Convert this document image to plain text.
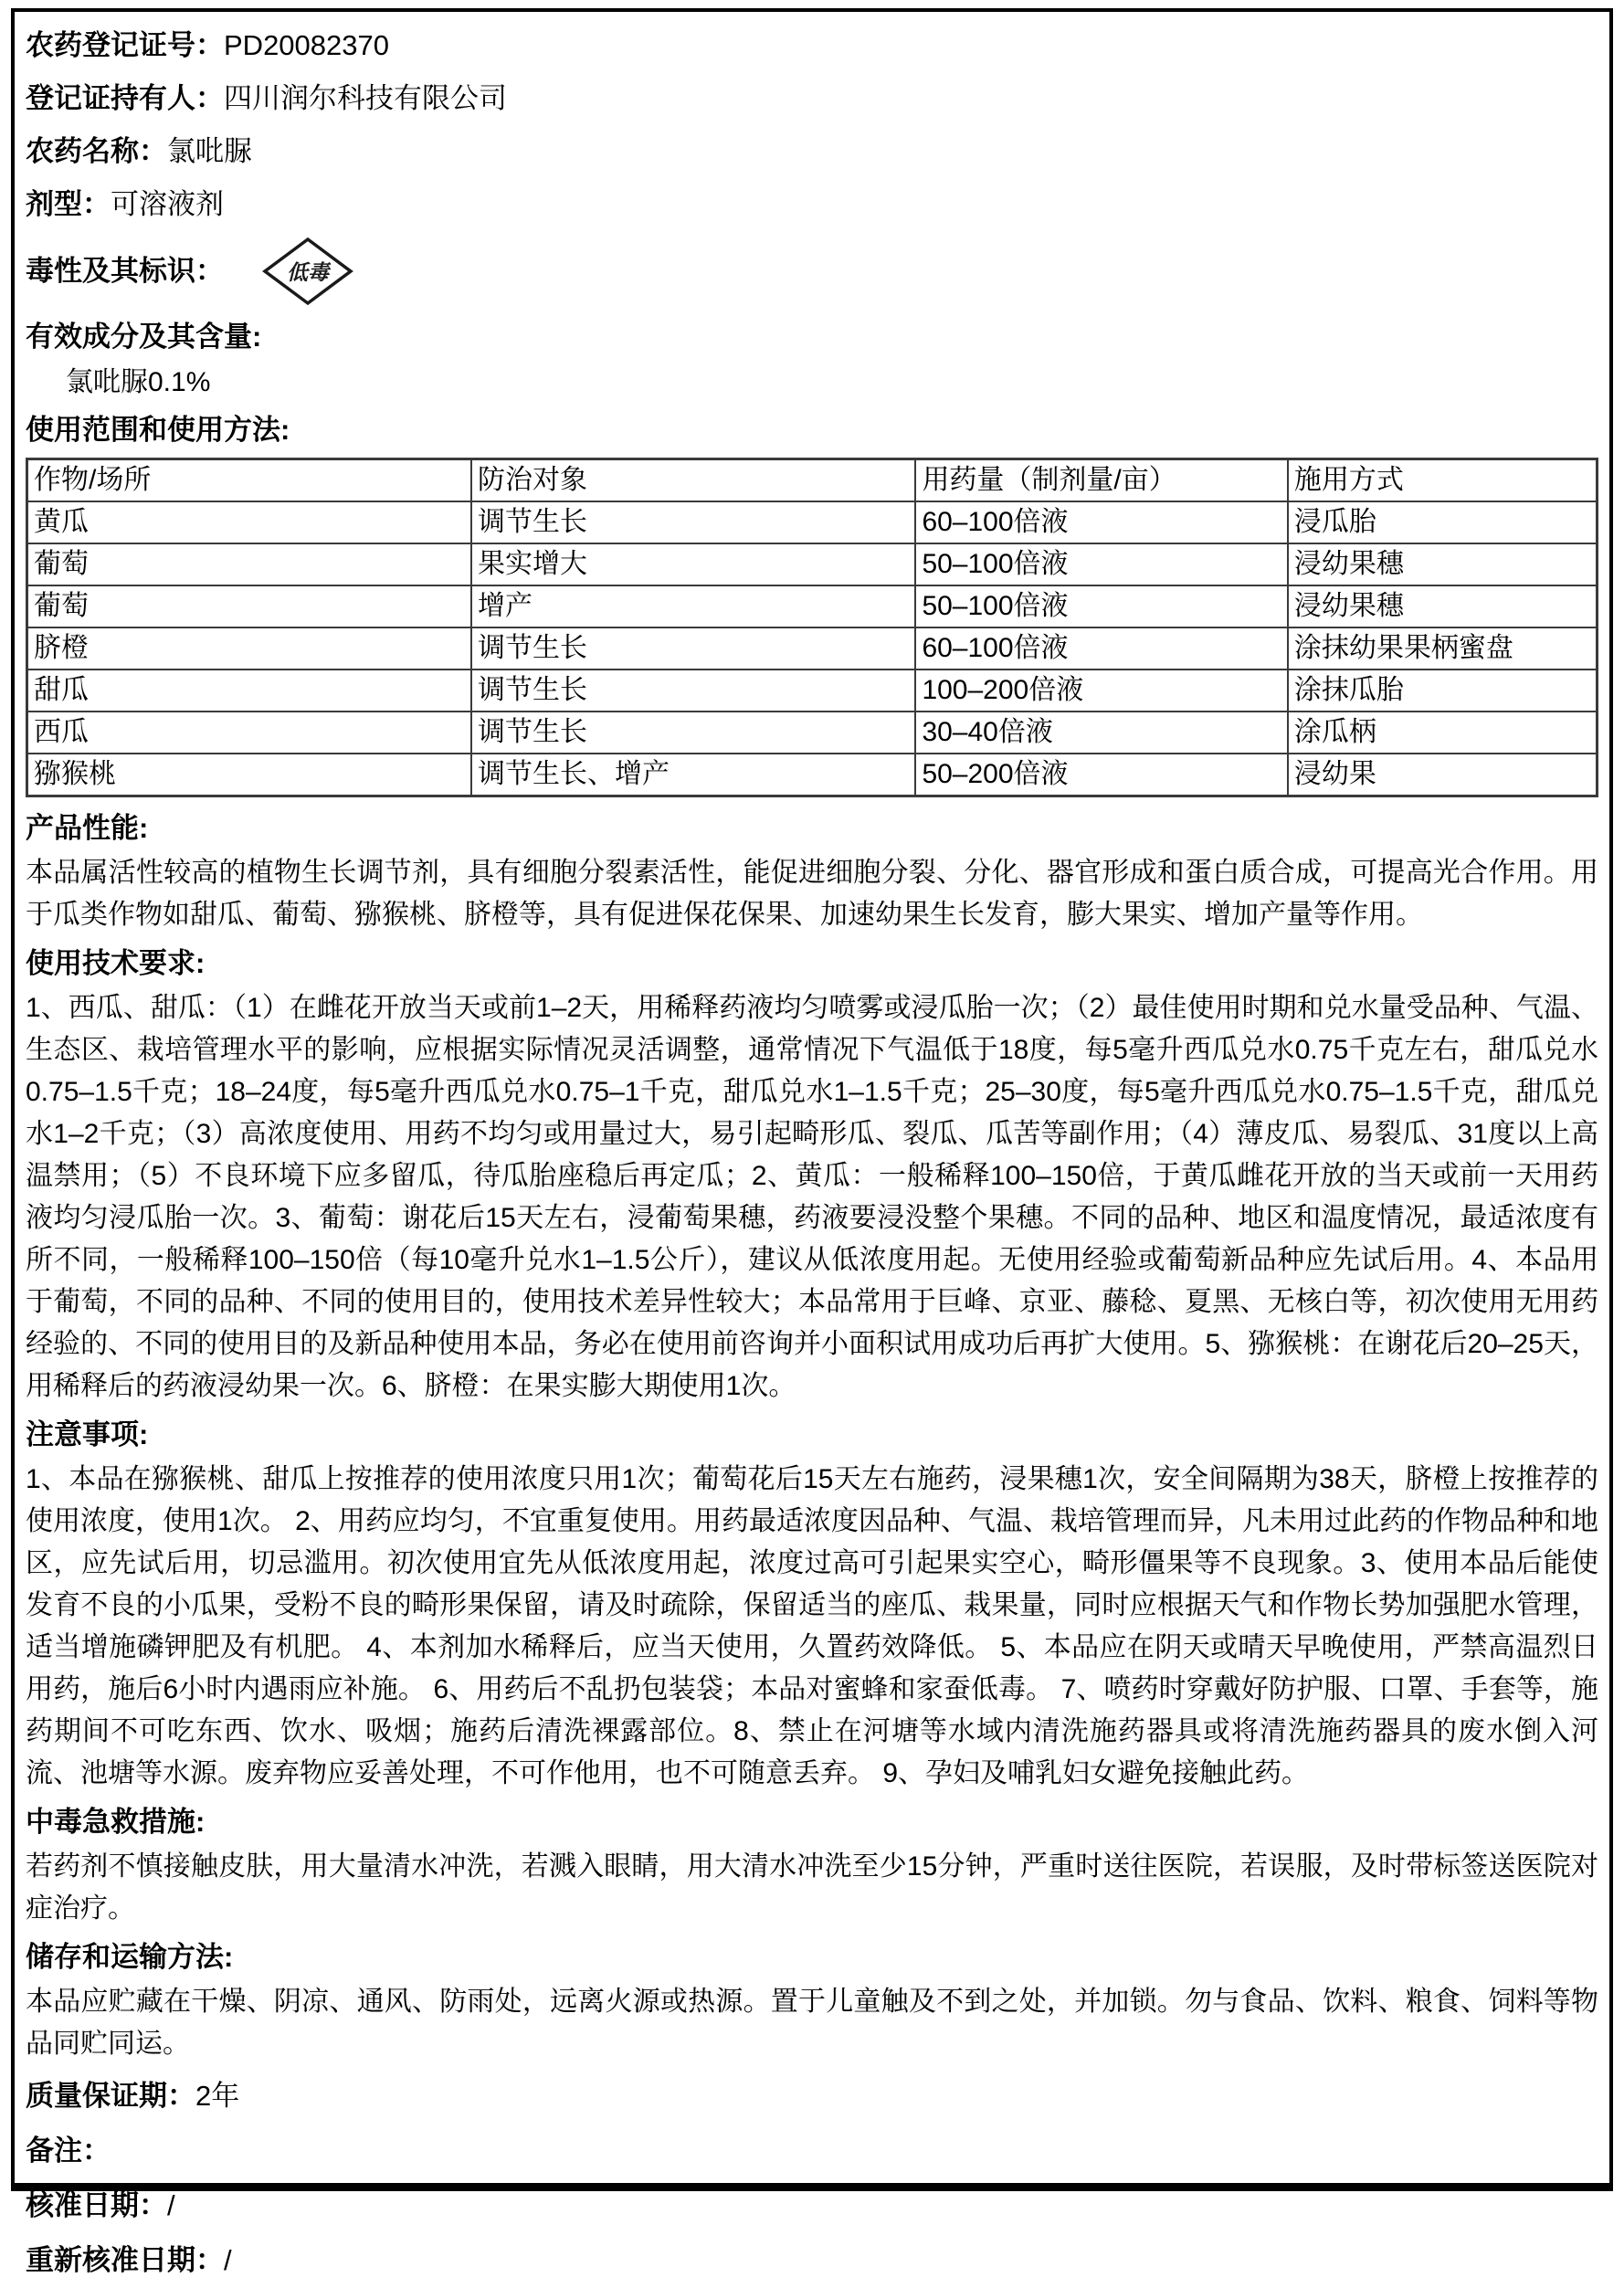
农药登记证号：PD20082370
登记证持有人：四川润尔科技有限公司
农药名称：氯吡脲
剂型：可溶液剂
毒性及其标识：	低毒
有效成分及其含量:
氯吡脲0.1%
使用范围和使用方法:
作物/场所	防治对象	用药量（制剂量/亩）	施用方式
黄瓜	调节生长	60–100倍液	浸瓜胎
葡萄	果实增大	50–100倍液	浸幼果穗
葡萄	增产	50–100倍液	浸幼果穗
脐橙	调节生长	60–100倍液	涂抹幼果果柄蜜盘
甜瓜	调节生长	100–200倍液	涂抹瓜胎
西瓜	调节生长	30–40倍液	涂瓜柄
猕猴桃	调节生长、增产	50–200倍液	浸幼果
产品性能:
本品属活性较高的植物生长调节剂，具有细胞分裂素活性，能促进细胞分裂、分化、器官形成和蛋白质合成，可提高光合作用。用于瓜类作物如甜瓜、葡萄、猕猴桃、脐橙等，具有促进保花保果、加速幼果生长发育，膨大果实、增加产量等作用。
使用技术要求:
1、西瓜、甜瓜：（1）在雌花开放当天或前1–2天，用稀释药液均匀喷雾或浸瓜胎一次；（2）最佳使用时期和兑水量受品种、气温、生态区、栽培管理水平的影响，应根据实际情况灵活调整，通常情况下气温低于18度，每5毫升西瓜兑水0.75千克左右，甜瓜兑水0.75–1.5千克；18–24度，每5毫升西瓜兑水0.75–1千克，甜瓜兑水1–1.5千克；25–30度，每5毫升西瓜兑水0.75–1.5千克，甜瓜兑水1–2千克；（3）高浓度使用、用药不均匀或用量过大，易引起畸形瓜、裂瓜、瓜苦等副作用；（4）薄皮瓜、易裂瓜、31度以上高温禁用；（5）不良环境下应多留瓜，待瓜胎座稳后再定瓜；2、黄瓜：一般稀释100–150倍，于黄瓜雌花开放的当天或前一天用药液均匀浸瓜胎一次。3、葡萄：谢花后15天左右，浸葡萄果穗，药液要浸没整个果穗。不同的品种、地区和温度情况，最适浓度有所不同，一般稀释100–150倍（每10毫升兑水1–1.5公斤），建议从低浓度用起。无使用经验或葡萄新品种应先试后用。4、本品用于葡萄，不同的品种、不同的使用目的，使用技术差异性较大；本品常用于巨峰、京亚、藤稔、夏黑、无核白等，初次使用无用药经验的、不同的使用目的及新品种使用本品，务必在使用前咨询并小面积试用成功后再扩大使用。5、猕猴桃：在谢花后20–25天，用稀释后的药液浸幼果一次。6、脐橙：在果实膨大期使用1次。
注意事项:
1、本品在猕猴桃、甜瓜上按推荐的使用浓度只用1次；葡萄花后15天左右施药，浸果穗1次，安全间隔期为38天，脐橙上按推荐的使用浓度，使用1次。 2、用药应均匀，不宜重复使用。用药最适浓度因品种、气温、栽培管理而异，凡未用过此药的作物品种和地区，应先试后用，切忌滥用。初次使用宜先从低浓度用起，浓度过高可引起果实空心，畸形僵果等不良现象。3、使用本品后能使发育不良的小瓜果，受粉不良的畸形果保留，请及时疏除，保留适当的座瓜、栽果量，同时应根据天气和作物长势加强肥水管理，适当增施磷钾肥及有机肥。 4、本剂加水稀释后，应当天使用，久置药效降低。 5、本品应在阴天或晴天早晚使用，严禁高温烈日用药，施后6小时内遇雨应补施。 6、用药后不乱扔包装袋；本品对蜜蜂和家蚕低毒。 7、喷药时穿戴好防护服、口罩、手套等，施药期间不可吃东西、饮水、吸烟；施药后清洗裸露部位。8、禁止在河塘等水域内清洗施药器具或将清洗施药器具的废水倒入河流、池塘等水源。废弃物应妥善处理，不可作他用，也不可随意丢弃。 9、孕妇及哺乳妇女避免接触此药。
中毒急救措施:
若药剂不慎接触皮肤，用大量清水冲洗，若溅入眼睛，用大清水冲洗至少15分钟，严重时送往医院，若误服，及时带标签送医院对症治疗。
储存和运输方法:
本品应贮藏在干燥、阴凉、通风、防雨处，远离火源或热源。置于儿童触及不到之处，并加锁。勿与食品、饮料、粮食、饲料等物品同贮同运。
质量保证期：2年
备注：
核准日期：/
重新核准日期：/
